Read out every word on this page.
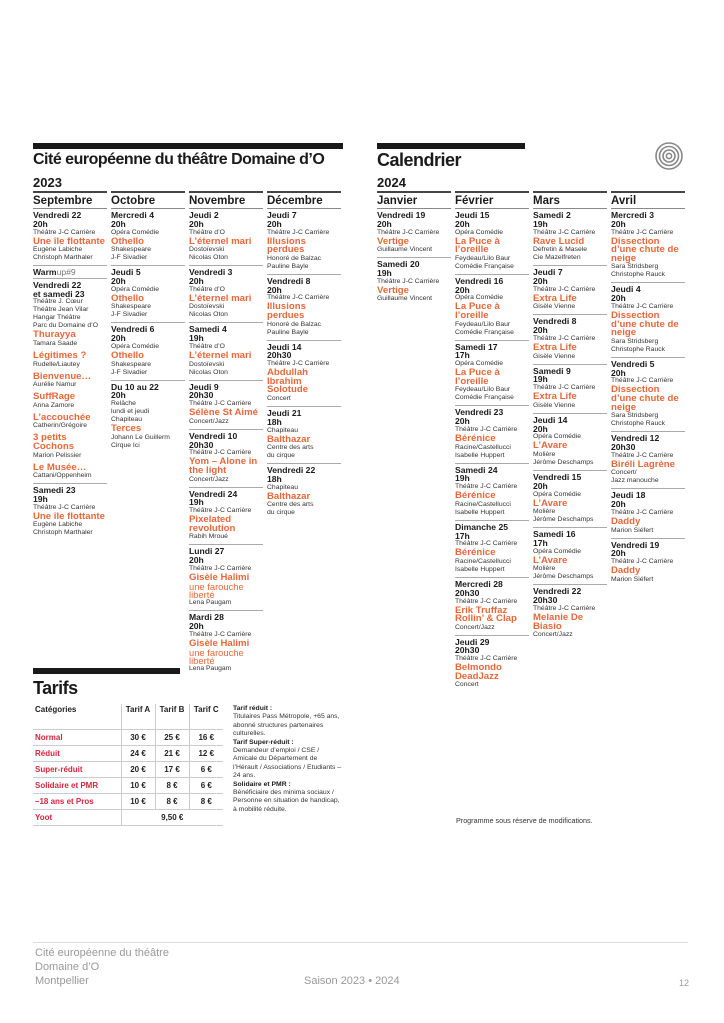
Cité européenne du théâtre Domaine d’O	Calendrier
2023	2024
Septembre
Vendredi 22
20h
Théâtre J-C Carrière
Une île flottante
Eugène Labiche
Christoph Marthaler
Warmup#9
Vendredi 22
et samedi 23
Théâtre J. Cœur
Théâtre Jean Vilar
Hangar Théâtre
Parc du Domaine d’O
Thurayya
Tamara Saade
Légitimes ?
Rudelle/Liautey
Bienvenue…
Aurélie Namur
SuffRage
Anna Zamore
L’accouchée
Catherin/Grégoire
3 petits Cochons
Marion Pelissier
Le Musée…
Cattani/Oppenheim
Samedi 23
19h
Théâtre J-C Carrière
Une île flottante
Eugène Labiche
Christoph Marthaler
Octobre
Mercredi 4
20h
Opéra Comédie
Othello
Shakespeare
J-F Sivadier
Jeudi 5
20h
Opéra Comédie
Othello
Shakespeare
J-F Sivadier
Vendredi 6
20h
Opéra Comédie
Othello
Shakespeare
J-F Sivadier
Du 10 au 22
20h
Relâche
lundi et jeudi
Chapiteau
Terces
Johann Le Guillerm
Cirque Ici
Novembre
Jeudi 2
20h
Théâtre d’O
L’éternel mari
Dostoïevski
Nicolas Oton
Vendredi 3
20h
Théâtre d’O
L’éternel mari
Dostoïevski
Nicolas Oton
Samedi 4
19h
Théâtre d’O
L’éternel mari
Dostoïevski
Nicolas Oton
Jeudi 9
20h30
Théâtre J-C Carrière
Sélène St Aimé
Concert/Jazz
Vendredi 10
20h30
Théâtre J-C Carrière
Yom – Alone in the light
Concert/Jazz
Vendredi 24
19h
Théâtre J-C Carrière
Pixelated revolution
Rabih Mroué
Lundi 27
20h
Théâtre J-C Carrière
Gisèle Halimi
une farouche liberté
Lena Paugam
Mardi 28
20h
Théâtre J-C Carrière
Gisèle Halimi
une farouche liberté
Lena Paugam
Décembre
Jeudi 7
20h
Théâtre J-C Carrière
Illusions perdues
Honoré de Balzac
Pauline Bayle
Vendredi 8
20h
Théâtre J-C Carrière
Illusions perdues
Honoré de Balzac
Pauline Bayle
Jeudi 14
20h30
Théâtre J-C Carrière
Abdullah Ibrahim Solotude
Concert
Jeudi 21
18h
Chapiteau
Balthazar
Centre des arts
du cirque
Vendredi 22
18h
Chapiteau
Balthazar
Centre des arts
du cirque
Janvier
Vendredi 19
20h
Théâtre J-C Carrière
Vertige
Guillaume Vincent
Samedi 20
19h
Théâtre J-C Carrière
Vertige
Guillaume Vincent
Février
Jeudi 15
20h
Opéra Comédie
La Puce à l’oreille
Feydeau/Lilo Baur
Comédie Française
Vendredi 16
20h
Opéra Comédie
La Puce à l’oreille
Feydeau/Lilo Baur
Comédie Française
Samedi 17
17h
Opéra Comédie
La Puce à l’oreille
Feydeau/Lilo Baur
Comédie Française
Vendredi 23
20h
Théâtre J-C Carrière
Bérénice
Racine/Castellucci
Isabelle Huppert
Samedi 24
19h
Théâtre J-C Carrière
Bérénice
Racine/Castellucci
Isabelle Huppert
Dimanche 25
17h
Théâtre J-C Carrière
Bérénice
Racine/Castellucci
Isabelle Huppert
Mercredi 28
20h30
Théâtre J-C Carrière
Erik Truffaz Rollin’ & Clap
Concert/Jazz
Jeudi 29
20h30
Théâtre J-C Carrière
Belmondo DeadJazz
Concert
Mars
Samedi 2
19h
Théâtre J-C Carrière
Rave Lucid
Defretin & Masele
Cie Mazelfreten
Jeudi 7
20h
Théâtre J-C Carrière
Extra Life
Gisèle Vienne
Vendredi 8
20h
Théâtre J-C Carrière
Extra Life
Gisèle Vienne
Samedi 9
19h
Théâtre J-C Carrière
Extra Life
Gisèle Vienne
Jeudi 14
20h
Opéra Comédie
L’Avare
Molière
Jérôme Deschamps
Vendredi 15
20h
Opéra Comédie
L’Avare
Molière
Jérôme Deschamps
Samedi 16
17h
Opéra Comédie
L’Avare
Molière
Jérôme Deschamps
Vendredi 22
20h30
Théâtre J-C Carrière
Melanie De Biasio
Concert/Jazz
Avril
Mercredi 3
20h
Théâtre J-C Carrière
Dissection d’une chute de neige
Sara Stridsberg
Christophe Rauck
Jeudi 4
20h
Théâtre J-C Carrière
Dissection d’une chute de neige
Sara Stridsberg
Christophe Rauck
Vendredi 5
20h
Théâtre J-C Carrière
Dissection d’une chute de neige
Sara Stridsberg
Christophe Rauck
Vendredi 12
20h30
Théâtre J-C Carrière
Biréli Lagrène
Concert/
Jazz manouche
Jeudi 18
20h
Théâtre J-C Carrière
Daddy
Marion Siéfert
Vendredi 19
20h
Théâtre J-C Carrière
Daddy
Marion Siéfert
Tarifs
Catégories	Tarif A	Tarif B	Tarif C
Normal	30 €	25 €	16 €
Réduit	24 €	21 €	12 €
Super-réduit	20 €	17 €	6 €
Solidaire et PMR	10 €	8 €	6 €
–18 ans et Pros	10 €	8 €	8 €
Yoot	9,50 €		
Tarif réduit :
Titulaires Pass Métropole, +65 ans, abonné structures partenaires culturelles.
Tarif Super-réduit :
Demandeur d’emploi / CSE / Amicale du Département de l’Hérault / Associations / Etudiants –24 ans.
Solidaire et PMR :
Bénéficiaire des minima sociaux / Personne en situation de handicap, à mobilité réduite.
Programme sous réserve de modifications.
Cité européenne du théâtre
Domaine d’O
Montpellier	Saison 2023 • 2024	12
